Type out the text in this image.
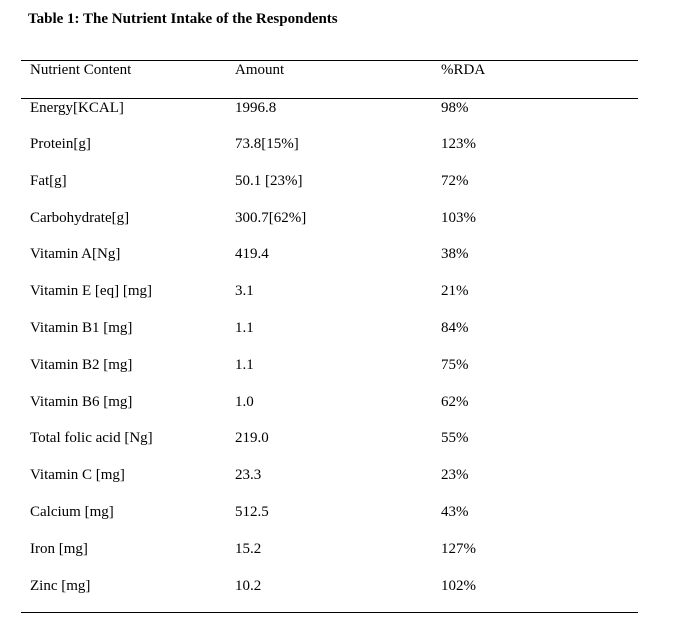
Table 1: The Nutrient Intake of the Respondents
Nutrient Content	Amount	%RDA
Energy[KCAL]	1996.8	98%
Protein[g]	73.8[15%]	123%
Fat[g]	50.1 [23%]	72%
Carbohydrate[g]	300.7[62%]	103%
Vitamin A[Ng]	419.4	38%
Vitamin E [eq] [mg]	3.1	21%
Vitamin B1 [mg]	1.1	84%
Vitamin B2 [mg]	1.1	75%
Vitamin B6 [mg]	1.0	62%
Total folic acid [Ng]	219.0	55%
Vitamin C [mg]	23.3	23%
Calcium [mg]	512.5	43%
Iron [mg]	15.2	127%
Zinc [mg]	10.2	102%
